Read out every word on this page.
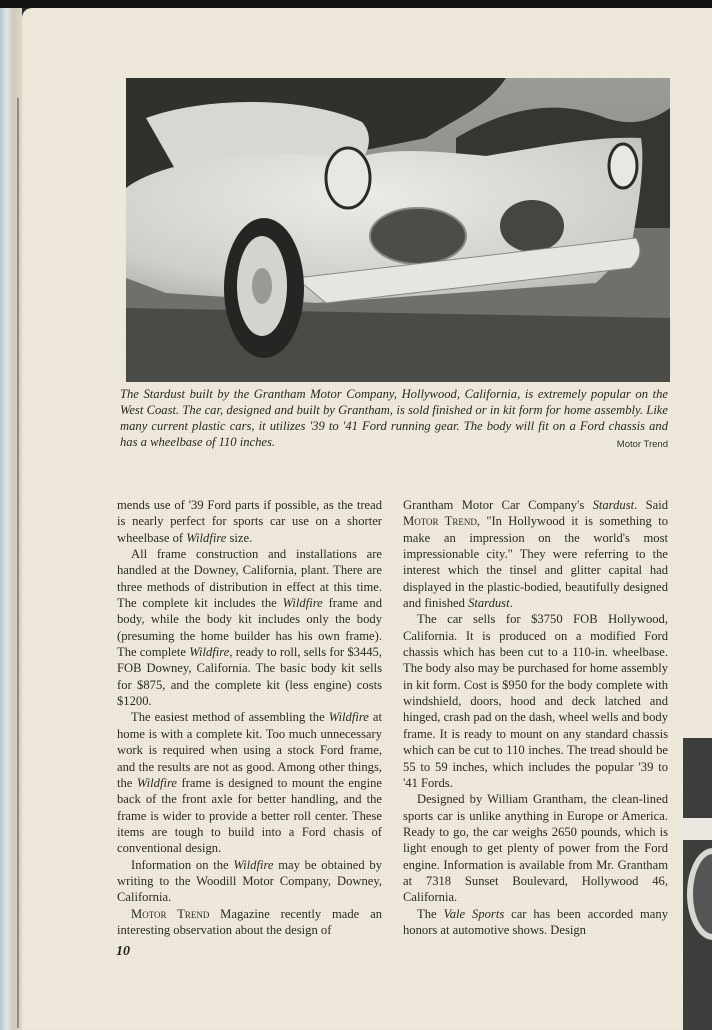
The Stardust built by the Grantham Motor Company, Hollywood, California, is extremely popular on the West Coast. The car, designed and built by Grantham, is sold finished or in kit form for home assembly. Like many current plastic cars, it utilizes '39 to '41 Ford running gear. The body will fit on a Ford chassis and has a wheelbase of 110 inches.	Motor Trend

mends use of '39 Ford parts if possible, as the tread is nearly perfect for sports car use on a shorter wheelbase of Wildfire size.

All frame construction and installations are handled at the Downey, California, plant. There are three methods of distribution in effect at this time. The complete kit includes the Wildfire frame and body, while the body kit includes only the body (presuming the home builder has his own frame). The complete Wildfire, ready to roll, sells for $3445, FOB Downey, California. The basic body kit sells for $875, and the complete kit (less engine) costs $1200.

The easiest method of assembling the Wildfire at home is with a complete kit. Too much unnecessary work is required when using a stock Ford frame, and the results are not as good. Among other things, the Wildfire frame is designed to mount the engine back of the front axle for better handling, and the frame is wider to provide a better roll center. These items are tough to build into a Ford chasis of conventional design.

Information on the Wildfire may be obtained by writing to the Woodill Motor Company, Downey, California.

Motor Trend Magazine recently made an interesting observation about the design of

Grantham Motor Car Company's Stardust. Said Motor Trend, "In Hollywood it is something to make an impression on the world's most impressionable city." They were referring to the interest which the tinsel and glitter capital had displayed in the plastic-bodied, beautifully designed and finished Stardust.

The car sells for $3750 FOB Hollywood, California. It is produced on a modified Ford chassis which has been cut to a 110-in. wheelbase. The body also may be purchased for home assembly in kit form. Cost is $950 for the body complete with windshield, doors, hood and deck latched and hinged, crash pad on the dash, wheel wells and body frame. It is ready to mount on any standard chassis which can be cut to 110 inches. The tread should be 55 to 59 inches, which includes the popular '39 to '41 Fords.

Designed by William Grantham, the clean-lined sports car is unlike anything in Europe or America. Ready to go, the car weighs 2650 pounds, which is light enough to get plenty of power from the Ford engine. Information is available from Mr. Grantham at 7318 Sunset Boulevard, Hollywood 46, California.

The Vale Sports car has been accorded many honors at automotive shows. Design

10
